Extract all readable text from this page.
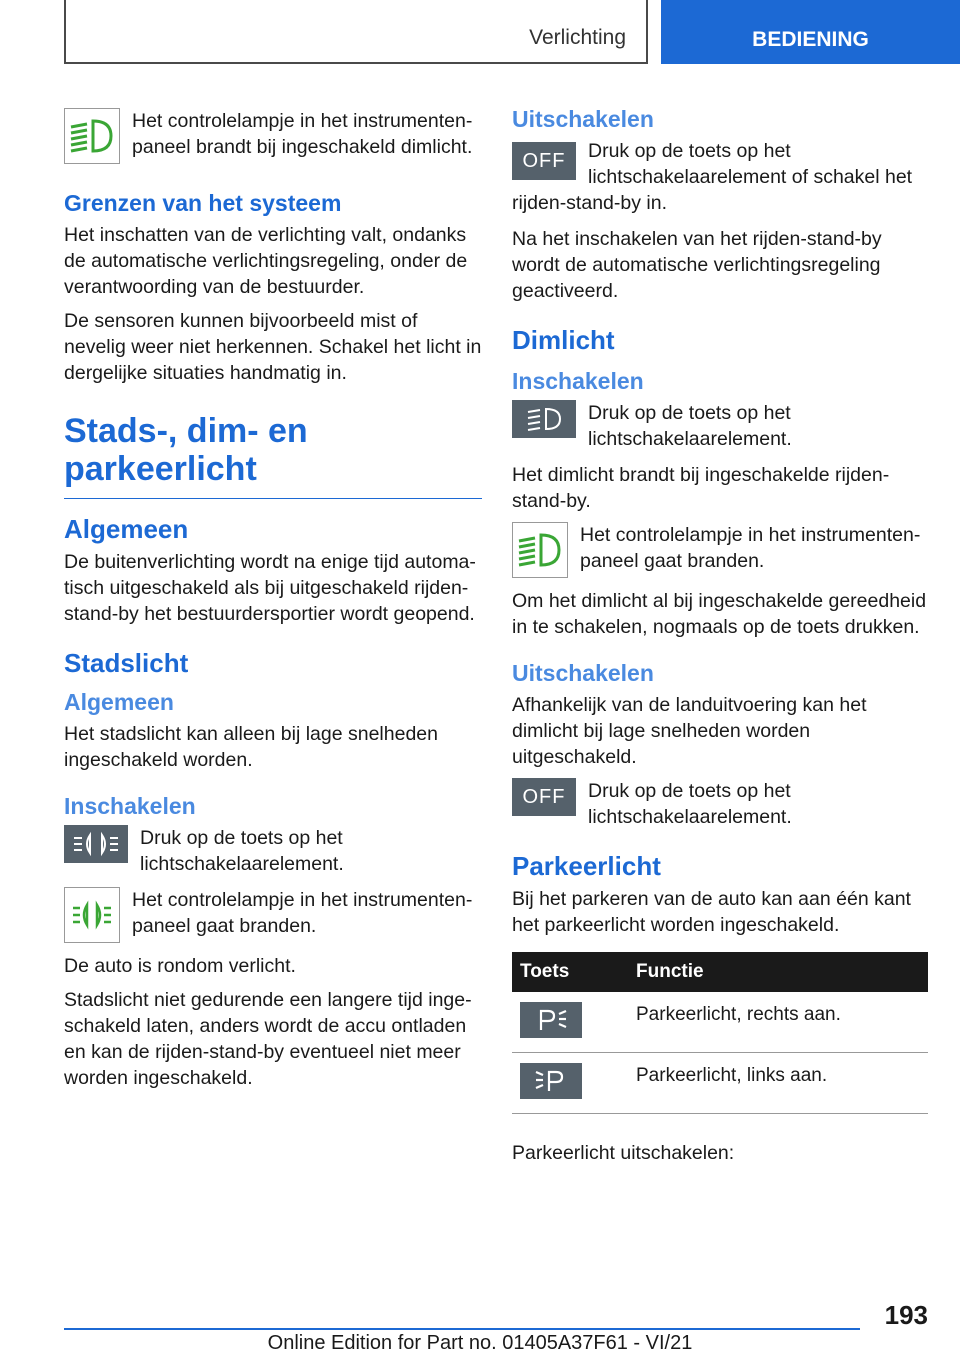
Verlichting	BEDIENING
Het controlelampje in het instrumentenpaneel brandt bij ingeschakeld dimlicht.
Grenzen van het systeem

Het inschatten van de verlichting valt, ondanks de automatische verlichtingsregeling, onder de verantwoording van de bestuurder.

De sensoren kunnen bijvoorbeeld mist of nevelig weer niet herkennen. Schakel het licht in dergelijke situaties handmatig in.

Stads-, dim- en parkeerlicht
Algemeen

De buitenverlichting wordt na enige tijd automatisch uitgeschakeld als bij uitgeschakeld rijden-stand-by het bestuurdersportier wordt geopend.

Stadslicht
Algemeen

Het stadslicht kan alleen bij lage snelheden ingeschakeld worden.

Inschakelen
Druk op de toets op het lichtschakelaarelement.
Het controlelampje in het instrumentenpaneel gaat branden.

De auto is rondom verlicht.

Stadslicht niet gedurende een langere tijd ingeschakeld laten, anders wordt de accu ontladen en kan de rijden-stand-by eventueel niet meer worden ingeschakeld.

Uitschakelen
OFF	Druk op de toets op het lichtschakelaarelement of schakel het rijden-stand-by in.

Na het inschakelen van het rijden-stand-by wordt de automatische verlichtingsregeling geactiveerd.

Dimlicht
Inschakelen
Druk op de toets op het lichtschakelaarelement.

Het dimlicht brandt bij ingeschakelde rijden-stand-by.

Het controlelampje in het instrumentenpaneel gaat branden.

Om het dimlicht al bij ingeschakelde gereedheid in te schakelen, nogmaals op de toets drukken.

Uitschakelen

Afhankelijk van de landuitvoering kan het dimlicht bij lage snelheden worden uitgeschakeld.

OFF	Druk op de toets op het lichtschakelaarelement.
Parkeerlicht

Bij het parkeren van de auto kan aan één kant het parkeerlicht worden ingeschakeld.

Toets	Functie

	Parkeerlicht, rechts aan.

	Parkeerlicht, links aan.

Parkeerlicht uitschakelen:

193
Online Edition for Part no. 01405A37F61 - VI/21
